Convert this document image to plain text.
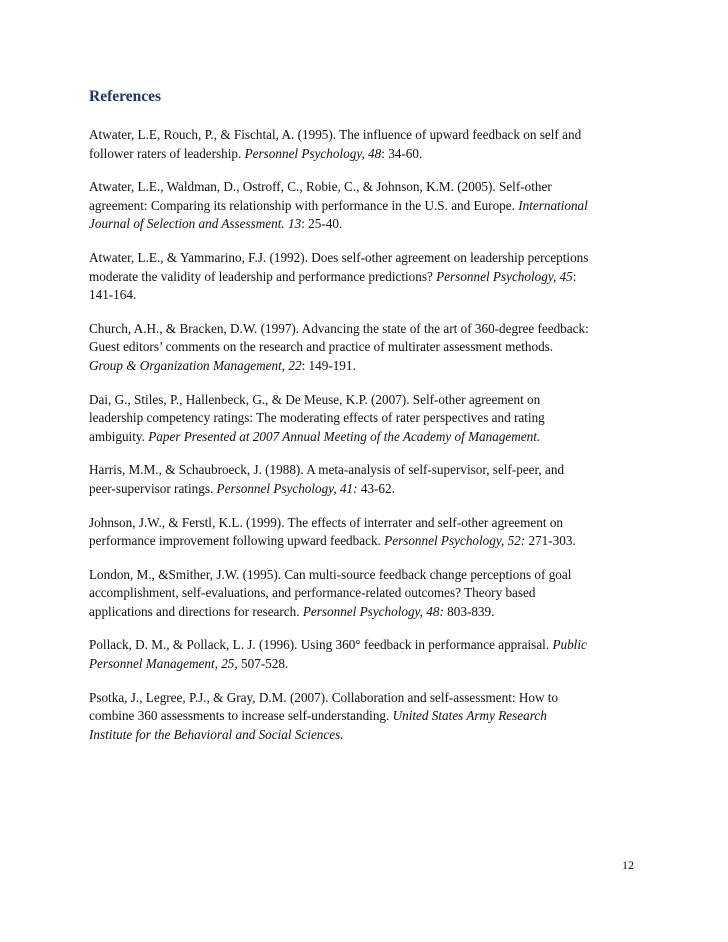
References
Atwater, L.E, Rouch, P., & Fischtal, A. (1995). The influence of upward feedback on self and
follower raters of leadership. Personnel Psychology, 48: 34-60.
Atwater, L.E., Waldman, D., Ostroff, C., Robie, C., & Johnson, K.M. (2005). Self-other
agreement: Comparing its relationship with performance in the U.S. and Europe. International
Journal of Selection and Assessment. 13: 25-40.
Atwater, L.E., & Yammarino, F.J. (1992). Does self-other agreement on leadership perceptions
moderate the validity of leadership and performance predictions? Personnel Psychology, 45:
141-164.
Church, A.H., & Bracken, D.W. (1997). Advancing the state of the art of 360-degree feedback:
Guest editors’ comments on the research and practice of multirater assessment methods.
Group & Organization Management, 22: 149-191.
Dai, G., Stiles, P., Hallenbeck, G., & De Meuse, K.P. (2007). Self-other agreement on
leadership competency ratings: The moderating effects of rater perspectives and rating
ambiguity. Paper Presented at 2007 Annual Meeting of the Academy of Management.
Harris, M.M., & Schaubroeck, J. (1988). A meta-analysis of self-supervisor, self-peer, and
peer-supervisor ratings. Personnel Psychology, 41: 43-62.
Johnson, J.W., & Ferstl, K.L. (1999). The effects of interrater and self-other agreement on
performance improvement following upward feedback. Personnel Psychology, 52: 271-303.
London, M., &Smither, J.W. (1995). Can multi-source feedback change perceptions of goal
accomplishment, self-evaluations, and performance-related outcomes? Theory based
applications and directions for research. Personnel Psychology, 48: 803-839.
Pollack, D. M., & Pollack, L. J. (1996). Using 360° feedback in performance appraisal. Public
Personnel Management, 25, 507-528.
Psotka, J., Legree, P.J., & Gray, D.M. (2007). Collaboration and self-assessment: How to
combine 360 assessments to increase self-understanding. United States Army Research
Institute for the Behavioral and Social Sciences.
12
